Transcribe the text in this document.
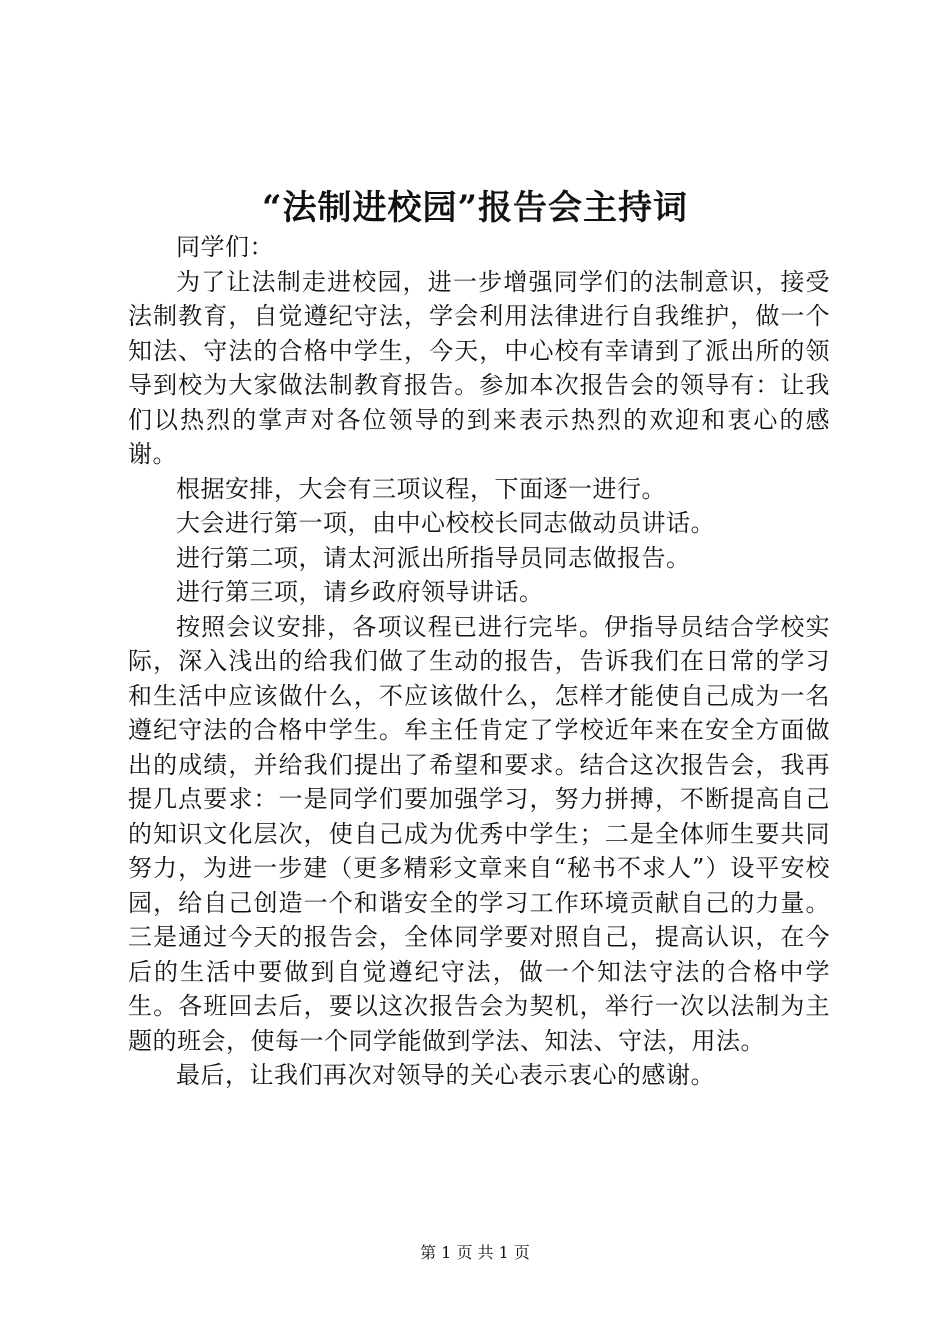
“法制进校园”报告会主持词

同学们：

为了让法制走进校园，进一步增强同学们的法制意识，接受法制教育，自觉遵纪守法，学会利用法律进行自我维护，做一个知法、守法的合格中学生，今天，中心校有幸请到了派出所的领导到校为大家做法制教育报告。参加本次报告会的领导有：让我们以热烈的掌声对各位领导的到来表示热烈的欢迎和衷心的感谢。

根据安排，大会有三项议程，下面逐一进行。

大会进行第一项，由中心校校长同志做动员讲话。

进行第二项，请太河派出所指导员同志做报告。

进行第三项，请乡政府领导讲话。

按照会议安排，各项议程已进行完毕。伊指导员结合学校实际，深入浅出的给我们做了生动的报告，告诉我们在日常的学习和生活中应该做什么，不应该做什么，怎样才能使自己成为一名遵纪守法的合格中学生。牟主任肯定了学校近年来在安全方面做出的成绩，并给我们提出了希望和要求。结合这次报告会，我再提几点要求：一是同学们要加强学习，努力拼搏，不断提高自己的知识文化层次，使自己成为优秀中学生；二是全体师生要共同努力，为进一步建（更多精彩文章来自“秘书不求人”）设平安校园，给自己创造一个和谐安全的学习工作环境贡献自己的力量。三是通过今天的报告会，全体同学要对照自己，提高认识，在今后的生活中要做到自觉遵纪守法，做一个知法守法的合格中学生。各班回去后，要以这次报告会为契机，举行一次以法制为主题的班会，使每一个同学能做到学法、知法、守法，用法。

最后，让我们再次对领导的关心表示衷心的感谢。

第 1 页 共 1 页
